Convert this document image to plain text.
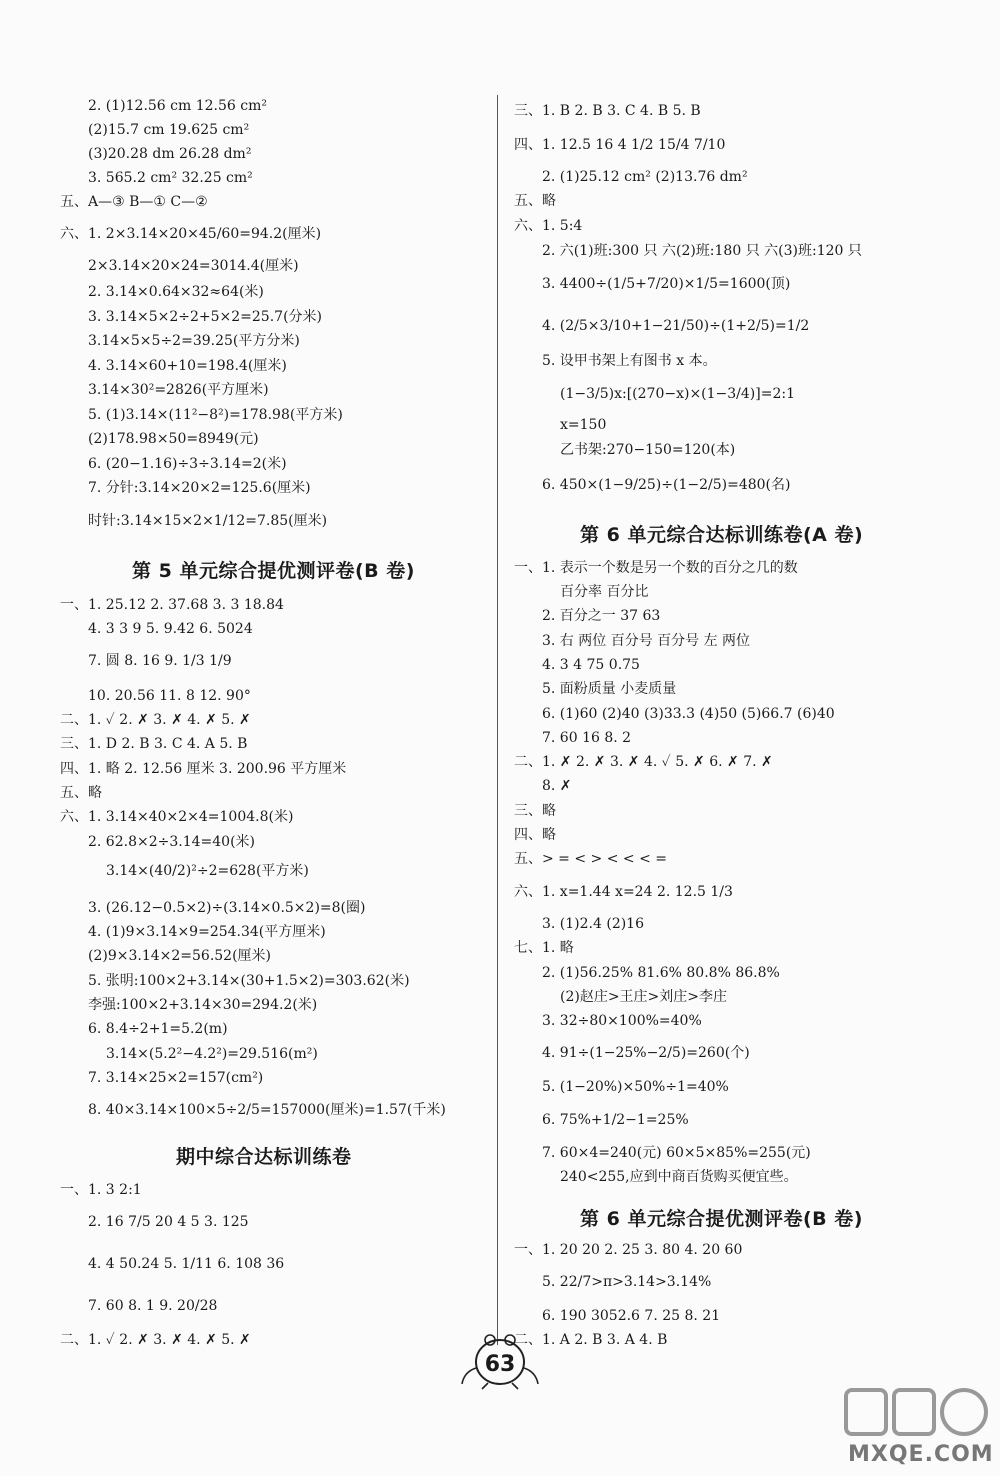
2. (1)12.56 cm 12.56 cm²
(2)15.7 cm 19.625 cm²
(3)20.28 dm 26.28 dm²
3. 565.2 cm² 32.25 cm²
五、A—③ B—① C—②
六、1. 2×3.14×20×45/60=94.2(厘米)
2×3.14×20×24=3014.4(厘米)
2. 3.14×0.64×32≈64(米)
3. 3.14×5×2÷2+5×2=25.7(分米)
3.14×5×5÷2=39.25(平方分米)
4. 3.14×60+10=198.4(厘米)
3.14×30²=2826(平方厘米)
5. (1)3.14×(11²−8²)=178.98(平方米)
(2)178.98×50=8949(元)
6. (20−1.16)÷3÷3.14=2(米)
7. 分针:3.14×20×2=125.6(厘米)
时针:3.14×15×2×1/12=7.85(厘米)
第 5 单元综合提优测评卷(B 卷)
一、1. 25.12 2. 37.68 3. 3 18.84
4. 3 3 9 5. 9.42 6. 5024
7. 圆 8. 16 9. 1/3 1/9
10. 20.56 11. 8 12. 90°
二、1. ✓ 2. ✗ 3. ✗ 4. ✗ 5. ✗
三、1. D 2. B 3. C 4. A 5. B
四、1. 略 2. 12.56 厘米 3. 200.96 平方厘米
五、略
六、1. 3.14×40×2×4=1004.8(米)
2. 62.8×2÷3.14=40(米)
3.14×(40/2)²÷2=628(平方米)
3. (26.12−0.5×2)÷(3.14×0.5×2)=8(圈)
4. (1)9×3.14×9=254.34(平方厘米)
(2)9×3.14×2=56.52(厘米)
5. 张明:100×2+3.14×(30+1.5×2)=303.62(米)
李强:100×2+3.14×30=294.2(米)
6. 8.4÷2+1=5.2(m)
3.14×(5.2²−4.2²)=29.516(m²)
7. 3.14×25×2=157(cm²)
8. 40×3.14×100×5÷2/5=157000(厘米)=1.57(千米)
期中综合达标训练卷
一、1. 3 2:1
2. 16 7/5 20 4 5 3. 125
4. 4 50.24 5. 1/11 6. 108 36
7. 60 8. 1 9. 20/28
二、1. ✓ 2. ✗ 3. ✗ 4. ✗ 5. ✗
三、1. B 2. B 3. C 4. B 5. B
四、1. 12.5 16 4 1/2 15/4 7/10
2. (1)25.12 cm² (2)13.76 dm²
五、略
六、1. 5:4
2. 六(1)班:300 只 六(2)班:180 只 六(3)班:120 只
3. 4400÷(1/5+7/20)×1/5=1600(顶)
4. (2/5×3/10+1−21/50)÷(1+2/5)=1/2
5. 设甲书架上有图书 x 本。
(1−3/5)x:[(270−x)×(1−3/4)]=2:1
x=150
乙书架:270−150=120(本)
6. 450×(1−9/25)÷(1−2/5)=480(名)
第 6 单元综合达标训练卷(A 卷)
一、1. 表示一个数是另一个数的百分之几的数
百分率 百分比
2. 百分之一 37 63
3. 右 两位 百分号 百分号 左 两位
4. 3 4 75 0.75
5. 面粉质量 小麦质量
6. (1)60 (2)40 (3)33.3 (4)50 (5)66.7 (6)40
7. 60 16 8. 2
二、1. ✗ 2. ✗ 3. ✗ 4. ✓ 5. ✗ 6. ✗ 7. ✗
8. ✗
三、略
四、略
五、> = < > < < < =
六、1. x=1.44 x=24 2. 12.5 1/3
3. (1)2.4 (2)16
七、1. 略
2. (1)56.25% 81.6% 80.8% 86.8%
(2)赵庄>王庄>刘庄>李庄
3. 32÷80×100%=40%
4. 91÷(1−25%−2/5)=260(个)
5. (1−20%)×50%÷1=40%
6. 75%+1/2−1=25%
7. 60×4=240(元) 60×5×85%=255(元)
240<255,应到中商百货购买便宜些。
第 6 单元综合提优测评卷(B 卷)
一、1. 20 20 2. 25 3. 80 4. 20 60
5. 22/7>π>3.14>3.14%
6. 190 3052.6 7. 25 8. 21
二、1. A 2. B 3. A 4. B
63
MXQE.COM
